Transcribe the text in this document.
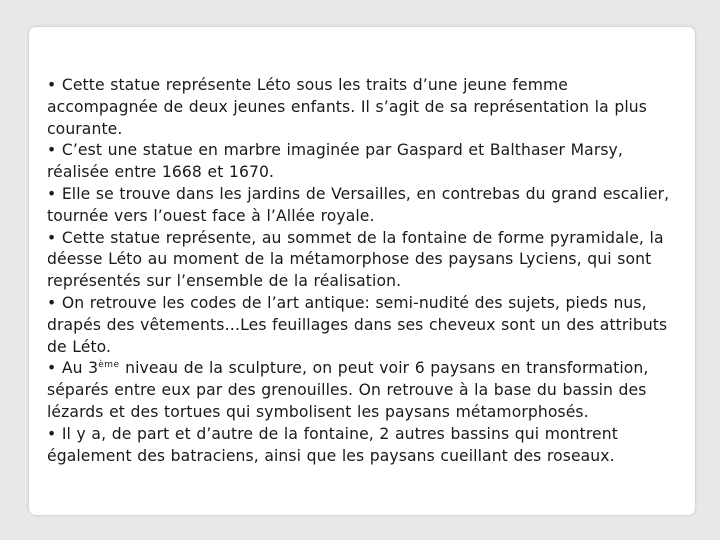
• Cette statue représente Léto sous les traits d’une jeune femme accompagnée de deux jeunes enfants. Il s’agit de sa représentation la plus courante.

• C’est une statue en marbre imaginée par Gaspard et Balthaser Marsy, réalisée entre 1668 et 1670.

• Elle se trouve dans les jardins de Versailles, en contrebas du grand escalier, tournée vers l’ouest face à l’Allée royale.

• Cette statue représente, au sommet de la fontaine de forme pyramidale, la déesse Léto au moment de la métamorphose des paysans Lyciens, qui sont représentés sur l’ensemble de la réalisation.

• On retrouve les codes de l’art antique: semi-nudité des sujets, pieds nus, drapés des vêtements…Les feuillages dans ses cheveux sont un des attributs de Léto.

• Au 3ème niveau de la sculpture, on peut voir 6 paysans en transformation, séparés entre eux par des grenouilles. On retrouve à la base du bassin des lézards et des tortues qui symbolisent les paysans métamorphosés.

• Il y a, de part et d’autre de la fontaine, 2 autres bassins qui montrent également des batraciens, ainsi que les paysans cueillant des roseaux.
